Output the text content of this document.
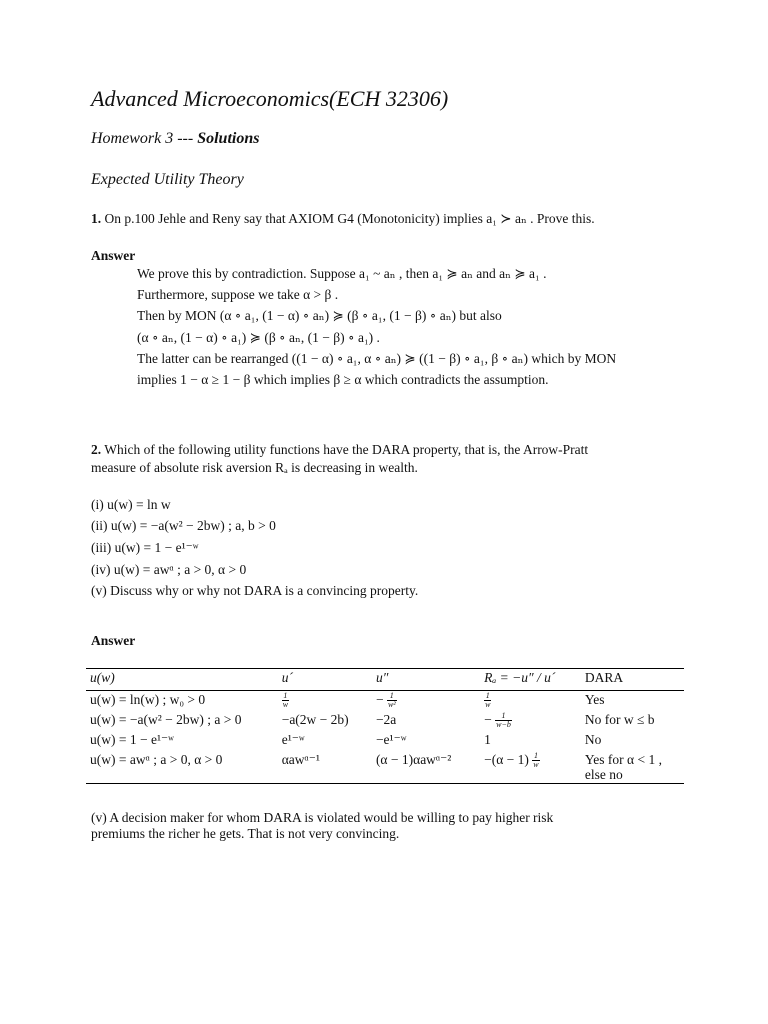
Advanced Microeconomics(ECH 32306)
Homework 3 --- Solutions
Expected Utility Theory
1. On p.100 Jehle and Reny say that AXIOM G4 (Monotonicity) implies a₁ ≻ aₙ . Prove this.
Answer
We prove this by contradiction. Suppose a₁ ~ aₙ , then a₁ ≽ aₙ and aₙ ≽ a₁ .
Furthermore, suppose we take α > β .
Then by MON (α ∘ a₁, (1 − α) ∘ aₙ) ≽ (β ∘ a₁, (1 − β) ∘ aₙ) but also
(α ∘ aₙ, (1 − α) ∘ a₁) ≽ (β ∘ aₙ, (1 − β) ∘ a₁) .
The latter can be rearranged ((1 − α) ∘ a₁, α ∘ aₙ) ≽ ((1 − β) ∘ a₁, β ∘ aₙ) which by MON
implies 1 − α ≥ 1 − β which implies β ≥ α which contradicts the assumption.
2. Which of the following utility functions have the DARA property, that is, the Arrow-Pratt
measure of absolute risk aversion Rₐ is decreasing in wealth.
(i) u(w) = ln w
(ii) u(w) = −a(w² − 2bw) ; a, b > 0
(iii) u(w) = 1 − e¹⁻ʷ
(iv) u(w) = awᵅ ; a > 0, α > 0
(v) Discuss why or why not DARA is a convincing property.
Answer
u(w)	u´	u″	Rₐ = −u″ / u´	DARA
u(w) = ln(w) ; w₀ > 0	$\frac{1}{w}$	− $\frac{1}{\text{w²}}$	$\frac{1}{w}$	Yes
u(w) = −a(w² − 2bw) ; a > 0	−a(2w − 2b)	−2a	− $\frac{1}{w-b}$	No for w ≤ b
u(w) = 1 − e¹⁻ʷ	e¹⁻ʷ	−e¹⁻ʷ	1	No
u(w) = awᵅ ; a > 0, α > 0	αawᵅ⁻¹	(α − 1)αawᵅ⁻²	$-(\alpha - 1) \frac{1}{w}$	Yes for α < 1 , else no
(v) A decision maker for whom DARA is violated would be willing to pay higher risk
premiums the richer he gets. That is not very convincing.
